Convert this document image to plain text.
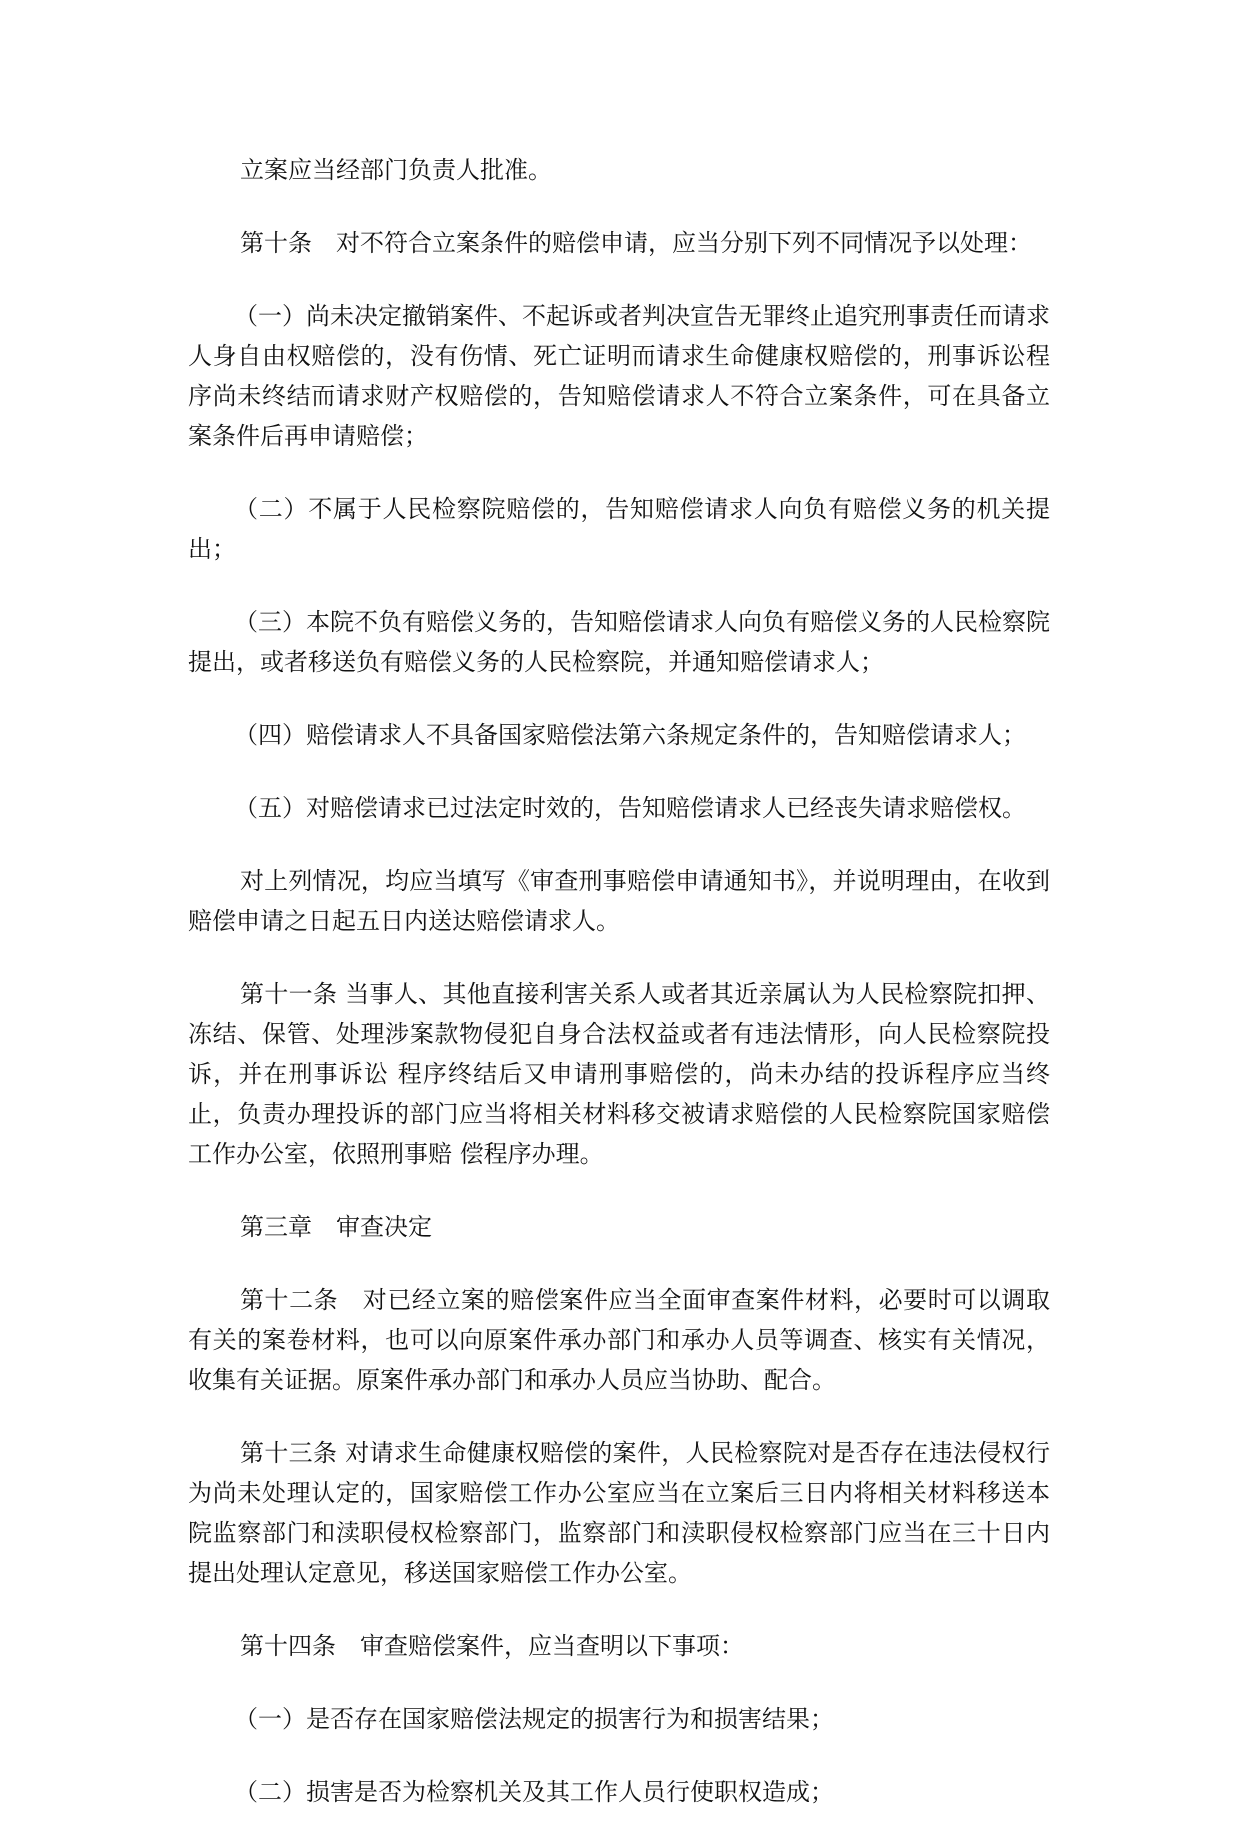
立案应当经部门负责人批准。

第十条　对不符合立案条件的赔偿申请，应当分别下列不同情况予以处理：

（一）尚未决定撤销案件、不起诉或者判决宣告无罪终止追究刑事责任而请求人身自由权赔偿的，没有伤情、死亡证明而请求生命健康权赔偿的，刑事诉讼程序尚未终结而请求财产权赔偿的，告知赔偿请求人不符合立案条件，可在具备立案条件后再申请赔偿；

（二）不属于人民检察院赔偿的，告知赔偿请求人向负有赔偿义务的机关提出；

（三）本院不负有赔偿义务的，告知赔偿请求人向负有赔偿义务的人民检察院提出，或者移送负有赔偿义务的人民检察院，并通知赔偿请求人；

（四）赔偿请求人不具备国家赔偿法第六条规定条件的，告知赔偿请求人；

（五）对赔偿请求已过法定时效的，告知赔偿请求人已经丧失请求赔偿权。

对上列情况，均应当填写《审查刑事赔偿申请通知书》，并说明理由，在收到赔偿申请之日起五日内送达赔偿请求人。

第十一条 当事人、其他直接利害关系人或者其近亲属认为人民检察院扣押、冻结、保管、处理涉案款物侵犯自身合法权益或者有违法情形，向人民检察院投诉，并在刑事诉讼 程序终结后又申请刑事赔偿的，尚未办结的投诉程序应当终止，负责办理投诉的部门应当将相关材料移交被请求赔偿的人民检察院国家赔偿工作办公室，依照刑事赔 偿程序办理。

第三章　审查决定

第十二条　对已经立案的赔偿案件应当全面审查案件材料，必要时可以调取有关的案卷材料，也可以向原案件承办部门和承办人员等调查、核实有关情况，收集有关证据。原案件承办部门和承办人员应当协助、配合。

第十三条 对请求生命健康权赔偿的案件，人民检察院对是否存在违法侵权行为尚未处理认定的，国家赔偿工作办公室应当在立案后三日内将相关材料移送本院监察部门和渎职侵权检察部门，监察部门和渎职侵权检察部门应当在三十日内提出处理认定意见，移送国家赔偿工作办公室。

第十四条　审查赔偿案件，应当查明以下事项：

（一）是否存在国家赔偿法规定的损害行为和损害结果；

（二）损害是否为检察机关及其工作人员行使职权造成；
